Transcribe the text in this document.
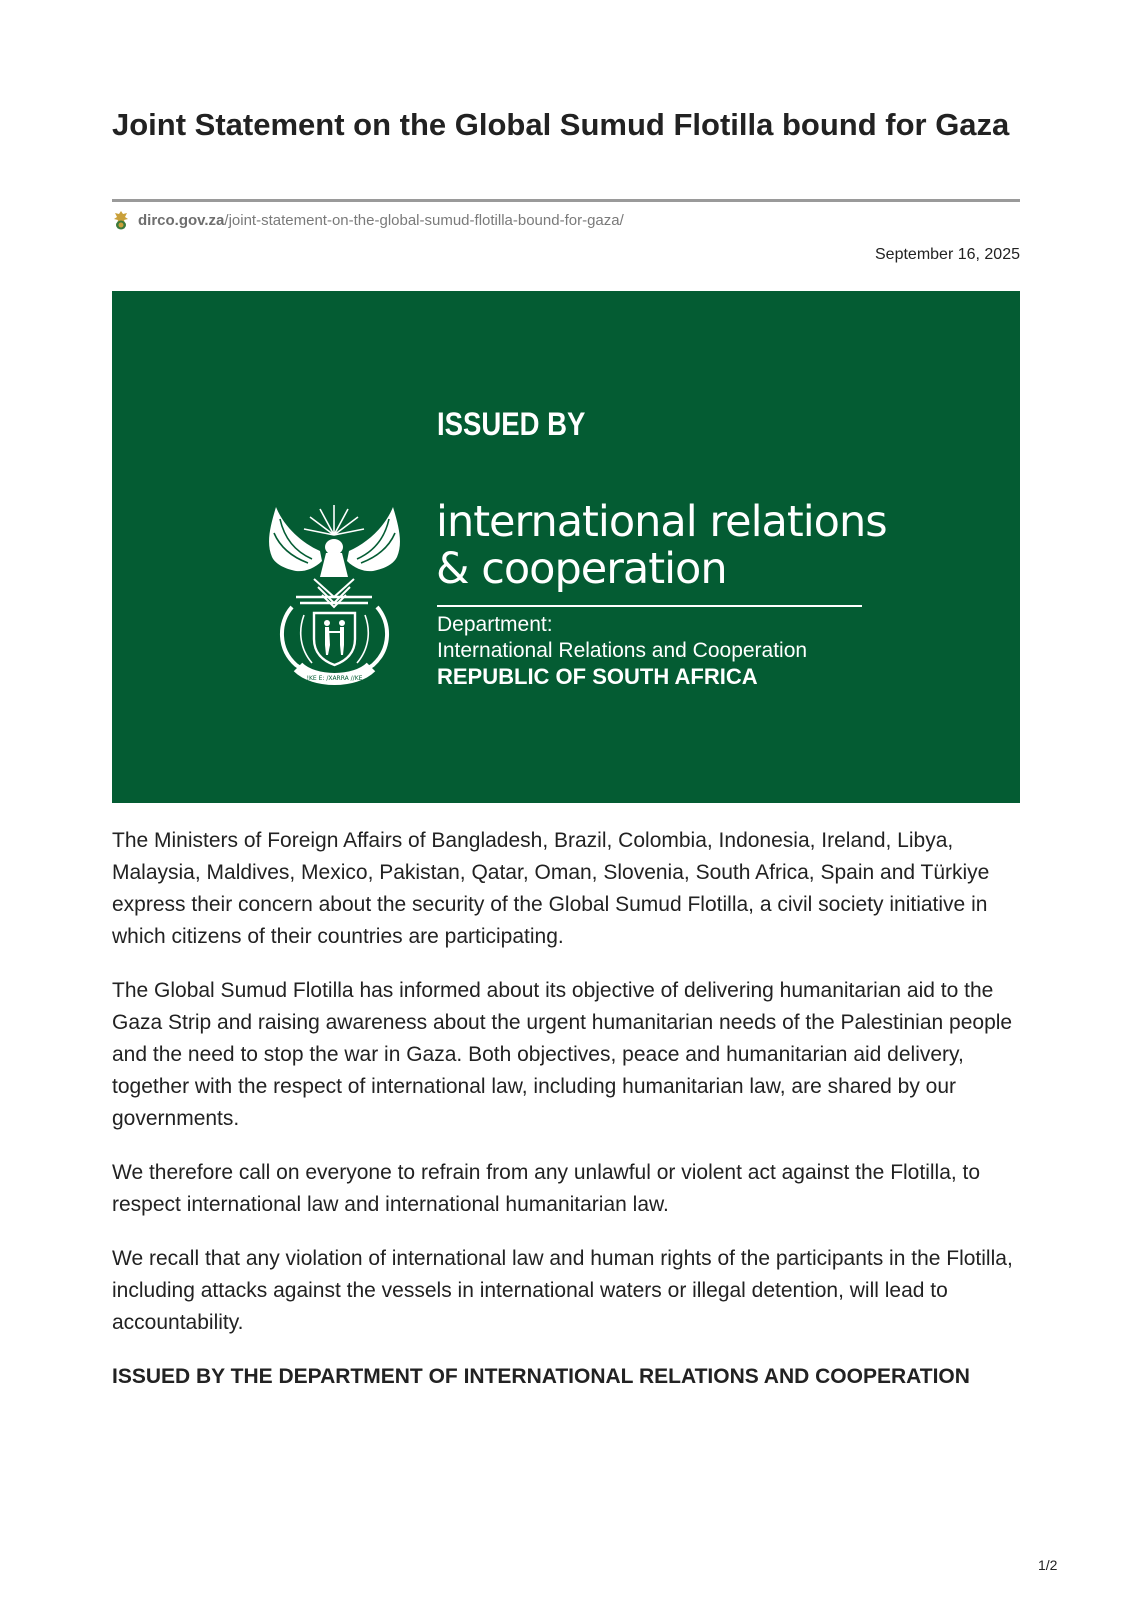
Joint Statement on the Global Sumud Flotilla bound for Gaza
dirco.gov.za /joint-statement-on-the-global-sumud-flotilla-bound-for-gaza/
September 16, 2025
ISSUED BY
!KE E: /XARRA //KE
international relations
& cooperation
Department:
International Relations and Cooperation
REPUBLIC OF SOUTH AFRICA

The Ministers of Foreign Affairs of Bangladesh, Brazil, Colombia, Indonesia, Ireland, Libya, Malaysia, Maldives, Mexico, Pakistan, Qatar, Oman, Slovenia, South Africa, Spain and Türkiye express their concern about the security of the Global Sumud Flotilla, a civil society initiative in which citizens of their countries are participating.

The Global Sumud Flotilla has informed about its objective of delivering humanitarian aid to the Gaza Strip and raising awareness about the urgent humanitarian needs of the Palestinian people and the need to stop the war in Gaza. Both objectives, peace and humanitarian aid delivery, together with the respect of international law, including humanitarian law, are shared by our governments.

We therefore call on everyone to refrain from any unlawful or violent act against the Flotilla, to respect international law and international humanitarian law.

We recall that any violation of international law and human rights of the participants in the Flotilla, including attacks against the vessels in international waters or illegal detention, will lead to accountability.

ISSUED BY THE DEPARTMENT OF INTERNATIONAL RELATIONS AND COOPERATION

1/2
